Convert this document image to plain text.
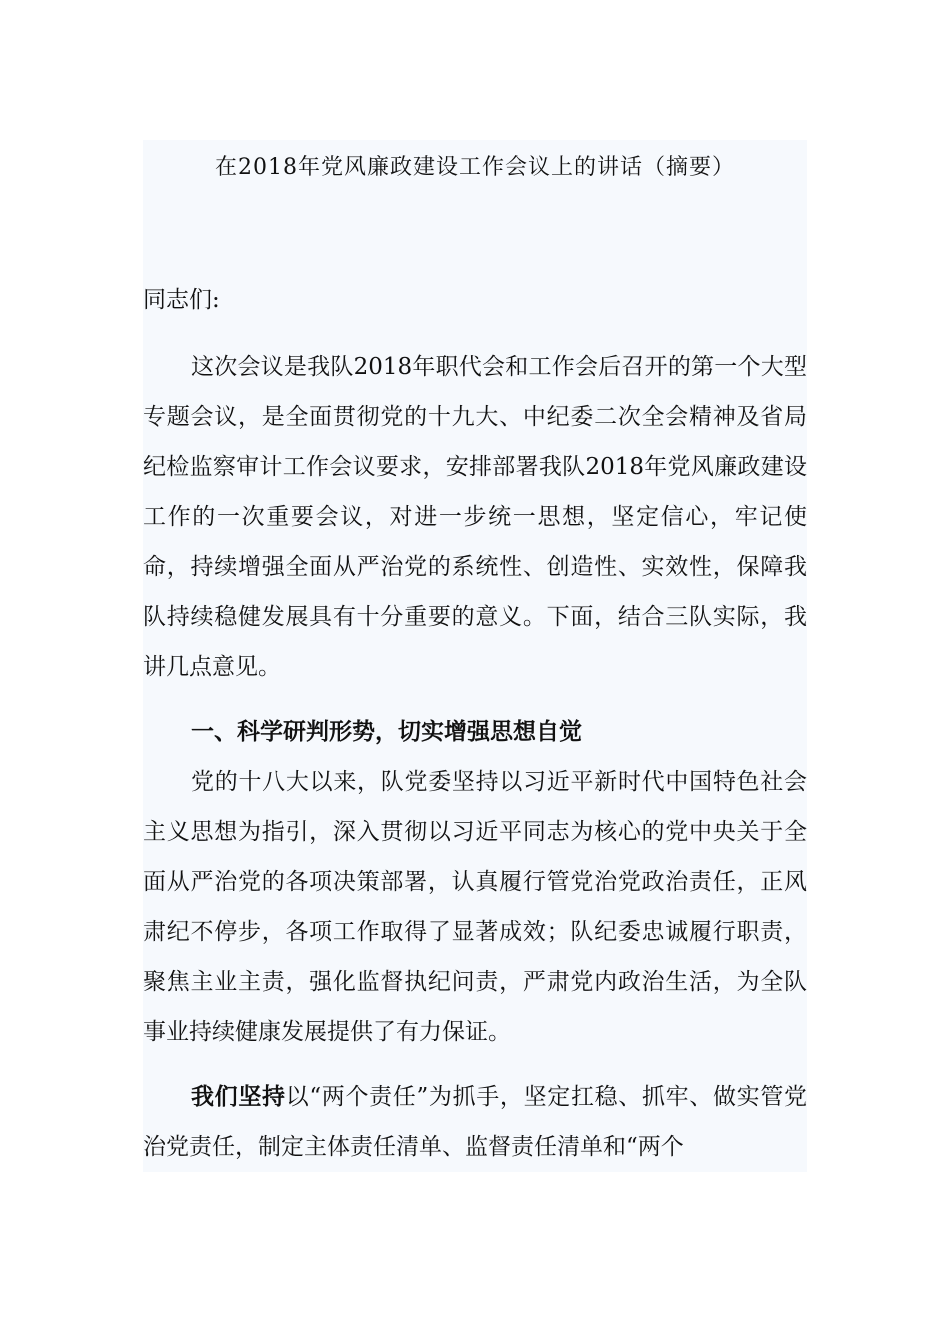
在2018年党风廉政建设工作会议上的讲话（摘要）
同志们:
这次会议是我队2018年职代会和工作会后召开的第一个大型专题会议，是全面贯彻党的十九大、中纪委二次全会精神及省局纪检监察审计工作会议要求，安排部署我队2018年党风廉政建设工作的一次重要会议，对进一步统一思想，坚定信心，牢记使命，持续增强全面从严治党的系统性、创造性、实效性，保障我队持续稳健发展具有十分重要的意义。下面，结合三队实际，我讲几点意见。
一、科学研判形势，切实增强思想自觉
党的十八大以来，队党委坚持以习近平新时代中国特色社会主义思想为指引，深入贯彻以习近平同志为核心的党中央关于全面从严治党的各项决策部署，认真履行管党治党政治责任，正风肃纪不停步，各项工作取得了显著成效；队纪委忠诚履行职责，聚焦主业主责，强化监督执纪问责，严肃党内政治生活，为全队事业持续健康发展提供了有力保证。
我们坚持以“两个责任”为抓手，坚定扛稳、抓牢、做实管党治党责任，制定主体责任清单、监督责任清单和“两个
